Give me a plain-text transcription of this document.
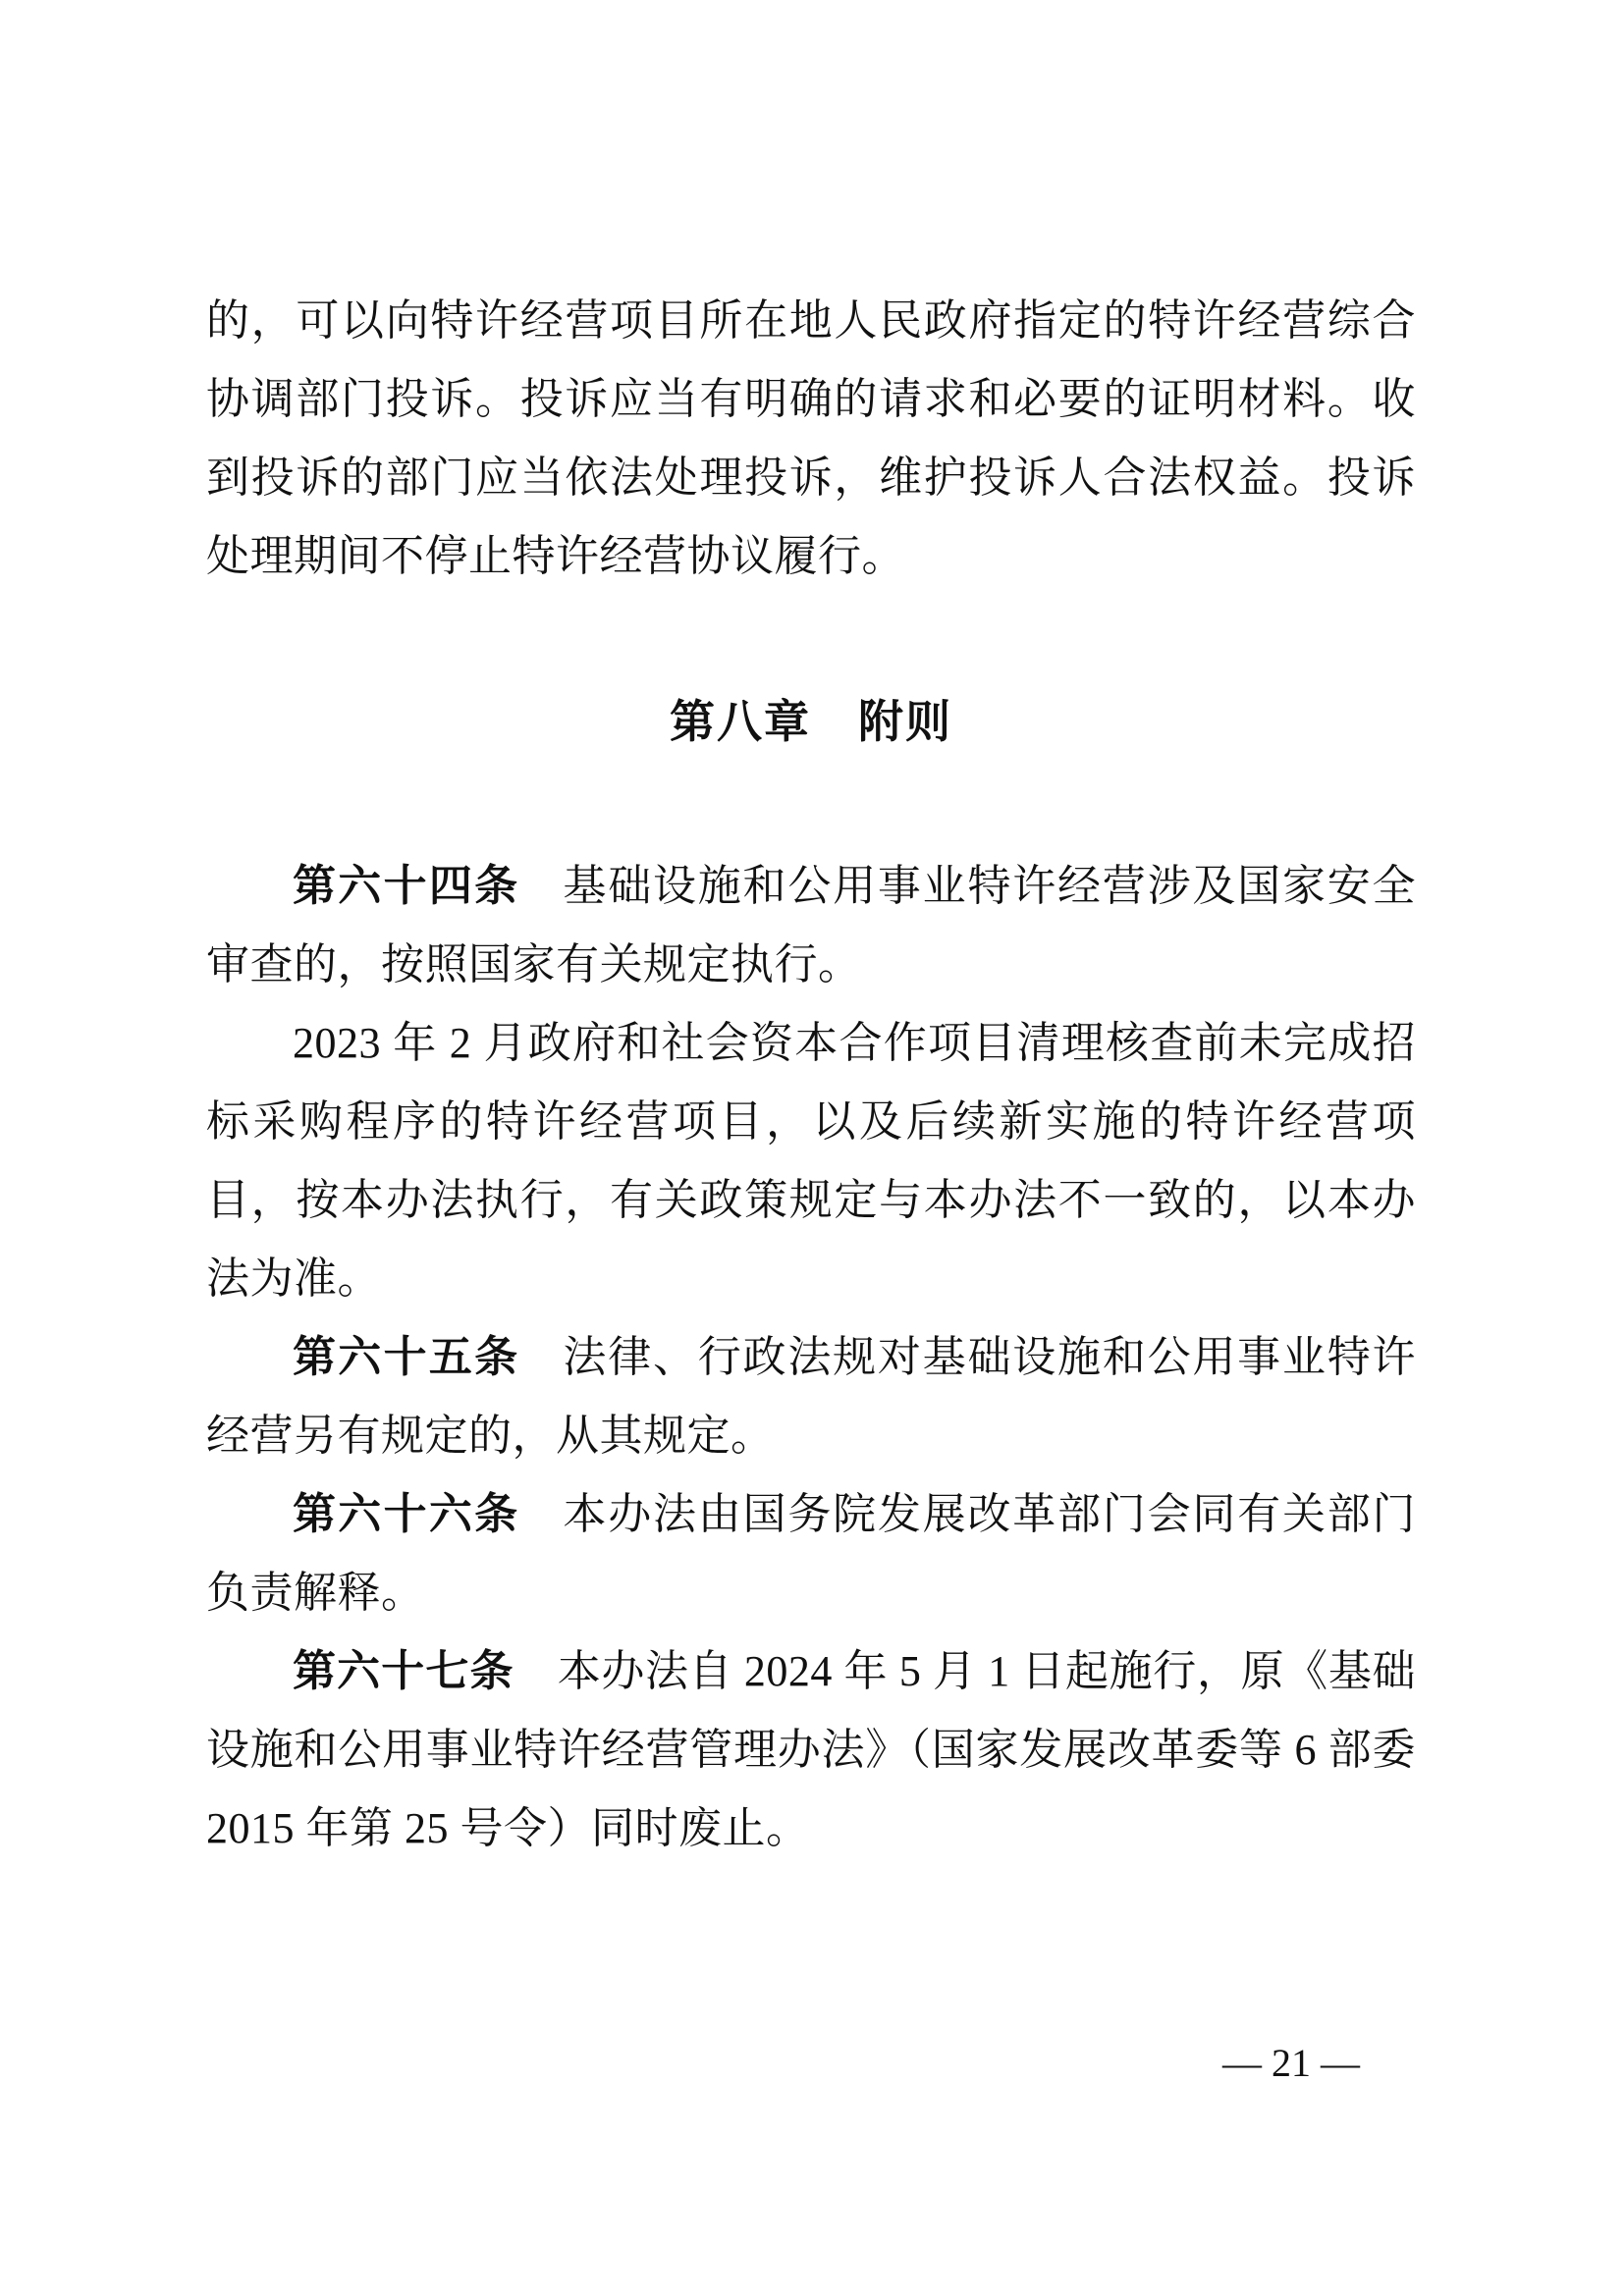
的，可以向特许经营项目所在地人民政府指定的特许经营综合协调部门投诉。投诉应当有明确的请求和必要的证明材料。收到投诉的部门应当依法处理投诉，维护投诉人合法权益。投诉处理期间不停止特许经营协议履行。

第八章　附则

第六十四条 基础设施和公用事业特许经营涉及国家安全审查的，按照国家有关规定执行。

2023 年 2 月政府和社会资本合作项目清理核查前未完成招标采购程序的特许经营项目，以及后续新实施的特许经营项目，按本办法执行，有关政策规定与本办法不一致的，以本办法为准。

第六十五条 法律、行政法规对基础设施和公用事业特许经营另有规定的，从其规定。

第六十六条 本办法由国务院发展改革部门会同有关部门负责解释。

第六十七条 本办法自 2024 年 5 月 1 日起施行，原《基础设施和公用事业特许经营管理办法》（国家发展改革委等 6 部委 2015 年第 25 号令）同时废止。

— 21 —
